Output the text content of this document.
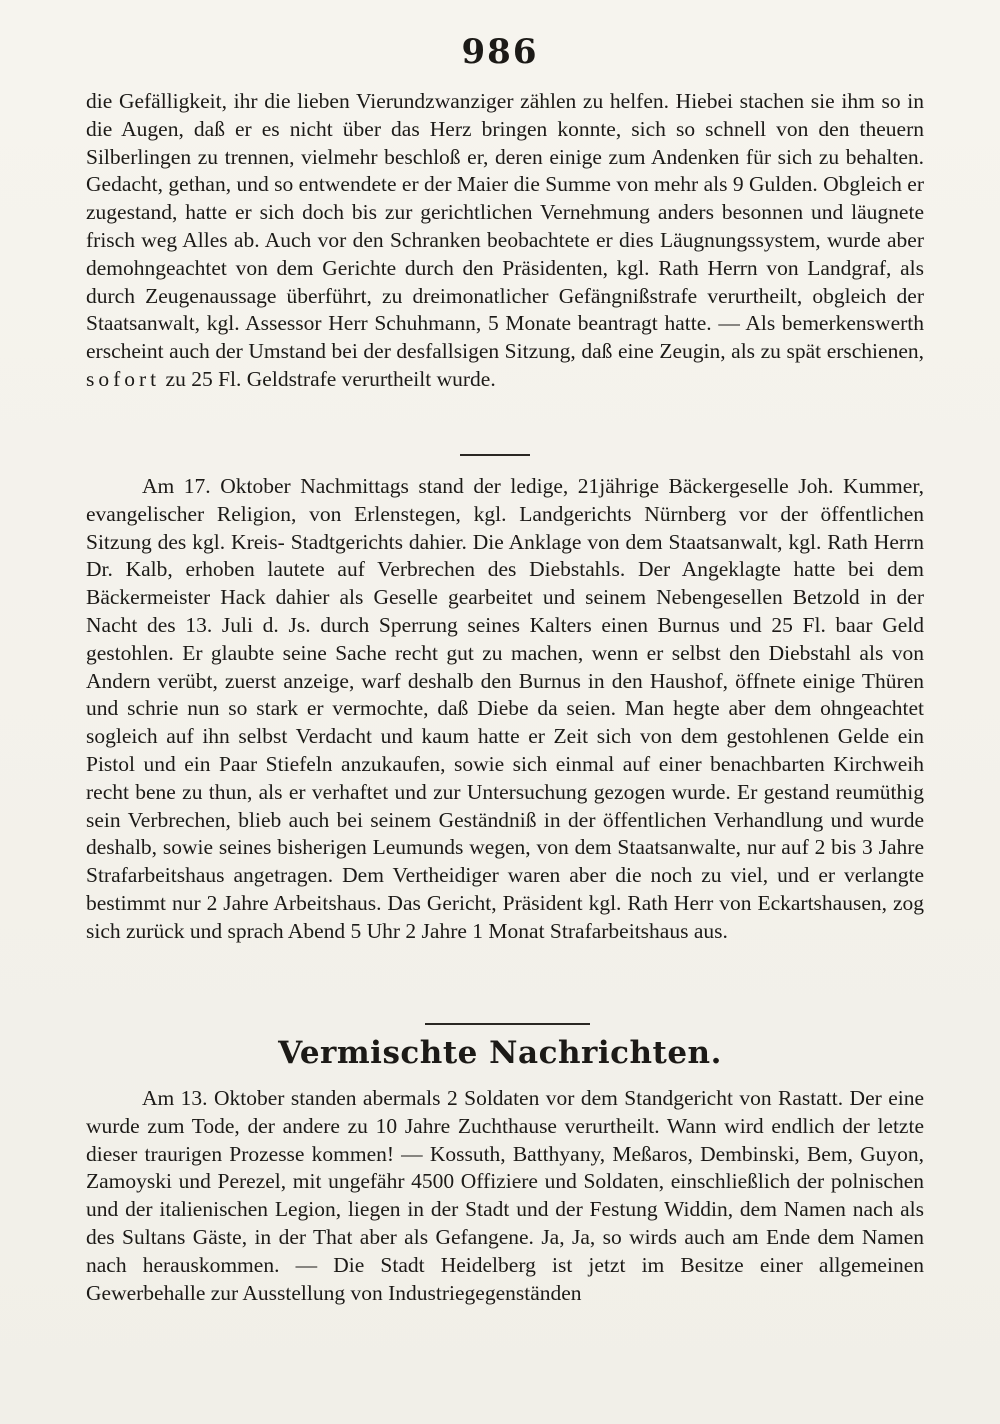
986

die Gefälligkeit, ihr die lieben Vierundzwanziger zählen zu helfen. Hiebei stachen sie ihm so in die Augen, daß er es nicht über das Herz bringen konnte, sich so schnell von den theuern Silberlingen zu trennen, vielmehr beschloß er, deren einige zum Andenken für sich zu behalten. Gedacht, gethan, und so entwendete er der Maier die Summe von mehr als 9 Gulden. Obgleich er zugestand, hatte er sich doch bis zur gerichtlichen Vernehmung anders besonnen und läugnete frisch weg Alles ab. Auch vor den Schranken beobachtete er dies Läugnungssystem, wurde aber demohngeachtet von dem Gerichte durch den Präsidenten, kgl. Rath Herrn von Landgraf, als durch Zeugenaussage überführt, zu dreimonatlicher Gefängnißstrafe verurtheilt, obgleich der Staatsanwalt, kgl. Assessor Herr Schuhmann, 5 Monate beantragt hatte. — Als bemerkenswerth erscheint auch der Umstand bei der desfallsigen Sitzung, daß eine Zeugin, als zu spät erschienen, sofort zu 25 Fl. Geldstrafe verurtheilt wurde.

Am 17. Oktober Nachmittags stand der ledige, 21jährige Bäckergeselle Joh. Kummer, evangelischer Religion, von Erlenstegen, kgl. Landgerichts Nürnberg vor der öffentlichen Sitzung des kgl. Kreis- Stadtgerichts dahier. Die Anklage von dem Staatsanwalt, kgl. Rath Herrn Dr. Kalb, erhoben lautete auf Verbrechen des Diebstahls. Der Angeklagte hatte bei dem Bäckermeister Hack dahier als Geselle gearbeitet und seinem Nebengesellen Betzold in der Nacht des 13. Juli d. Js. durch Sperrung seines Kalters einen Burnus und 25 Fl. baar Geld gestohlen. Er glaubte seine Sache recht gut zu machen, wenn er selbst den Diebstahl als von Andern verübt, zuerst anzeige, warf deshalb den Burnus in den Haushof, öffnete einige Thüren und schrie nun so stark er vermochte, daß Diebe da seien. Man hegte aber dem ohngeachtet sogleich auf ihn selbst Verdacht und kaum hatte er Zeit sich von dem gestohlenen Gelde ein Pistol und ein Paar Stiefeln anzukaufen, sowie sich einmal auf einer benachbarten Kirchweih recht bene zu thun, als er verhaftet und zur Untersuchung gezogen wurde. Er gestand reumüthig sein Verbrechen, blieb auch bei seinem Geständniß in der öffentlichen Verhandlung und wurde deshalb, sowie seines bisherigen Leumunds wegen, von dem Staatsanwalte, nur auf 2 bis 3 Jahre Strafarbeitshaus angetragen. Dem Vertheidiger waren aber die noch zu viel, und er verlangte bestimmt nur 2 Jahre Arbeitshaus. Das Gericht, Präsident kgl. Rath Herr von Eckartshausen, zog sich zurück und sprach Abend 5 Uhr 2 Jahre 1 Monat Strafarbeitshaus aus.

Vermischte Nachrichten.

Am 13. Oktober standen abermals 2 Soldaten vor dem Standgericht von Rastatt. Der eine wurde zum Tode, der andere zu 10 Jahre Zuchthause verurtheilt. Wann wird endlich der letzte dieser traurigen Prozesse kommen! — Kossuth, Batthyany, Meßaros, Dembinski, Bem, Guyon, Zamoyski und Perezel, mit ungefähr 4500 Offiziere und Soldaten, einschließlich der polnischen und der italienischen Legion, liegen in der Stadt und der Festung Widdin, dem Namen nach als des Sultans Gäste, in der That aber als Gefangene. Ja, Ja, so wirds auch am Ende dem Namen nach herauskommen. — Die Stadt Heidelberg ist jetzt im Besitze einer allgemeinen Gewerbehalle zur Ausstellung von Industriegegenständen
